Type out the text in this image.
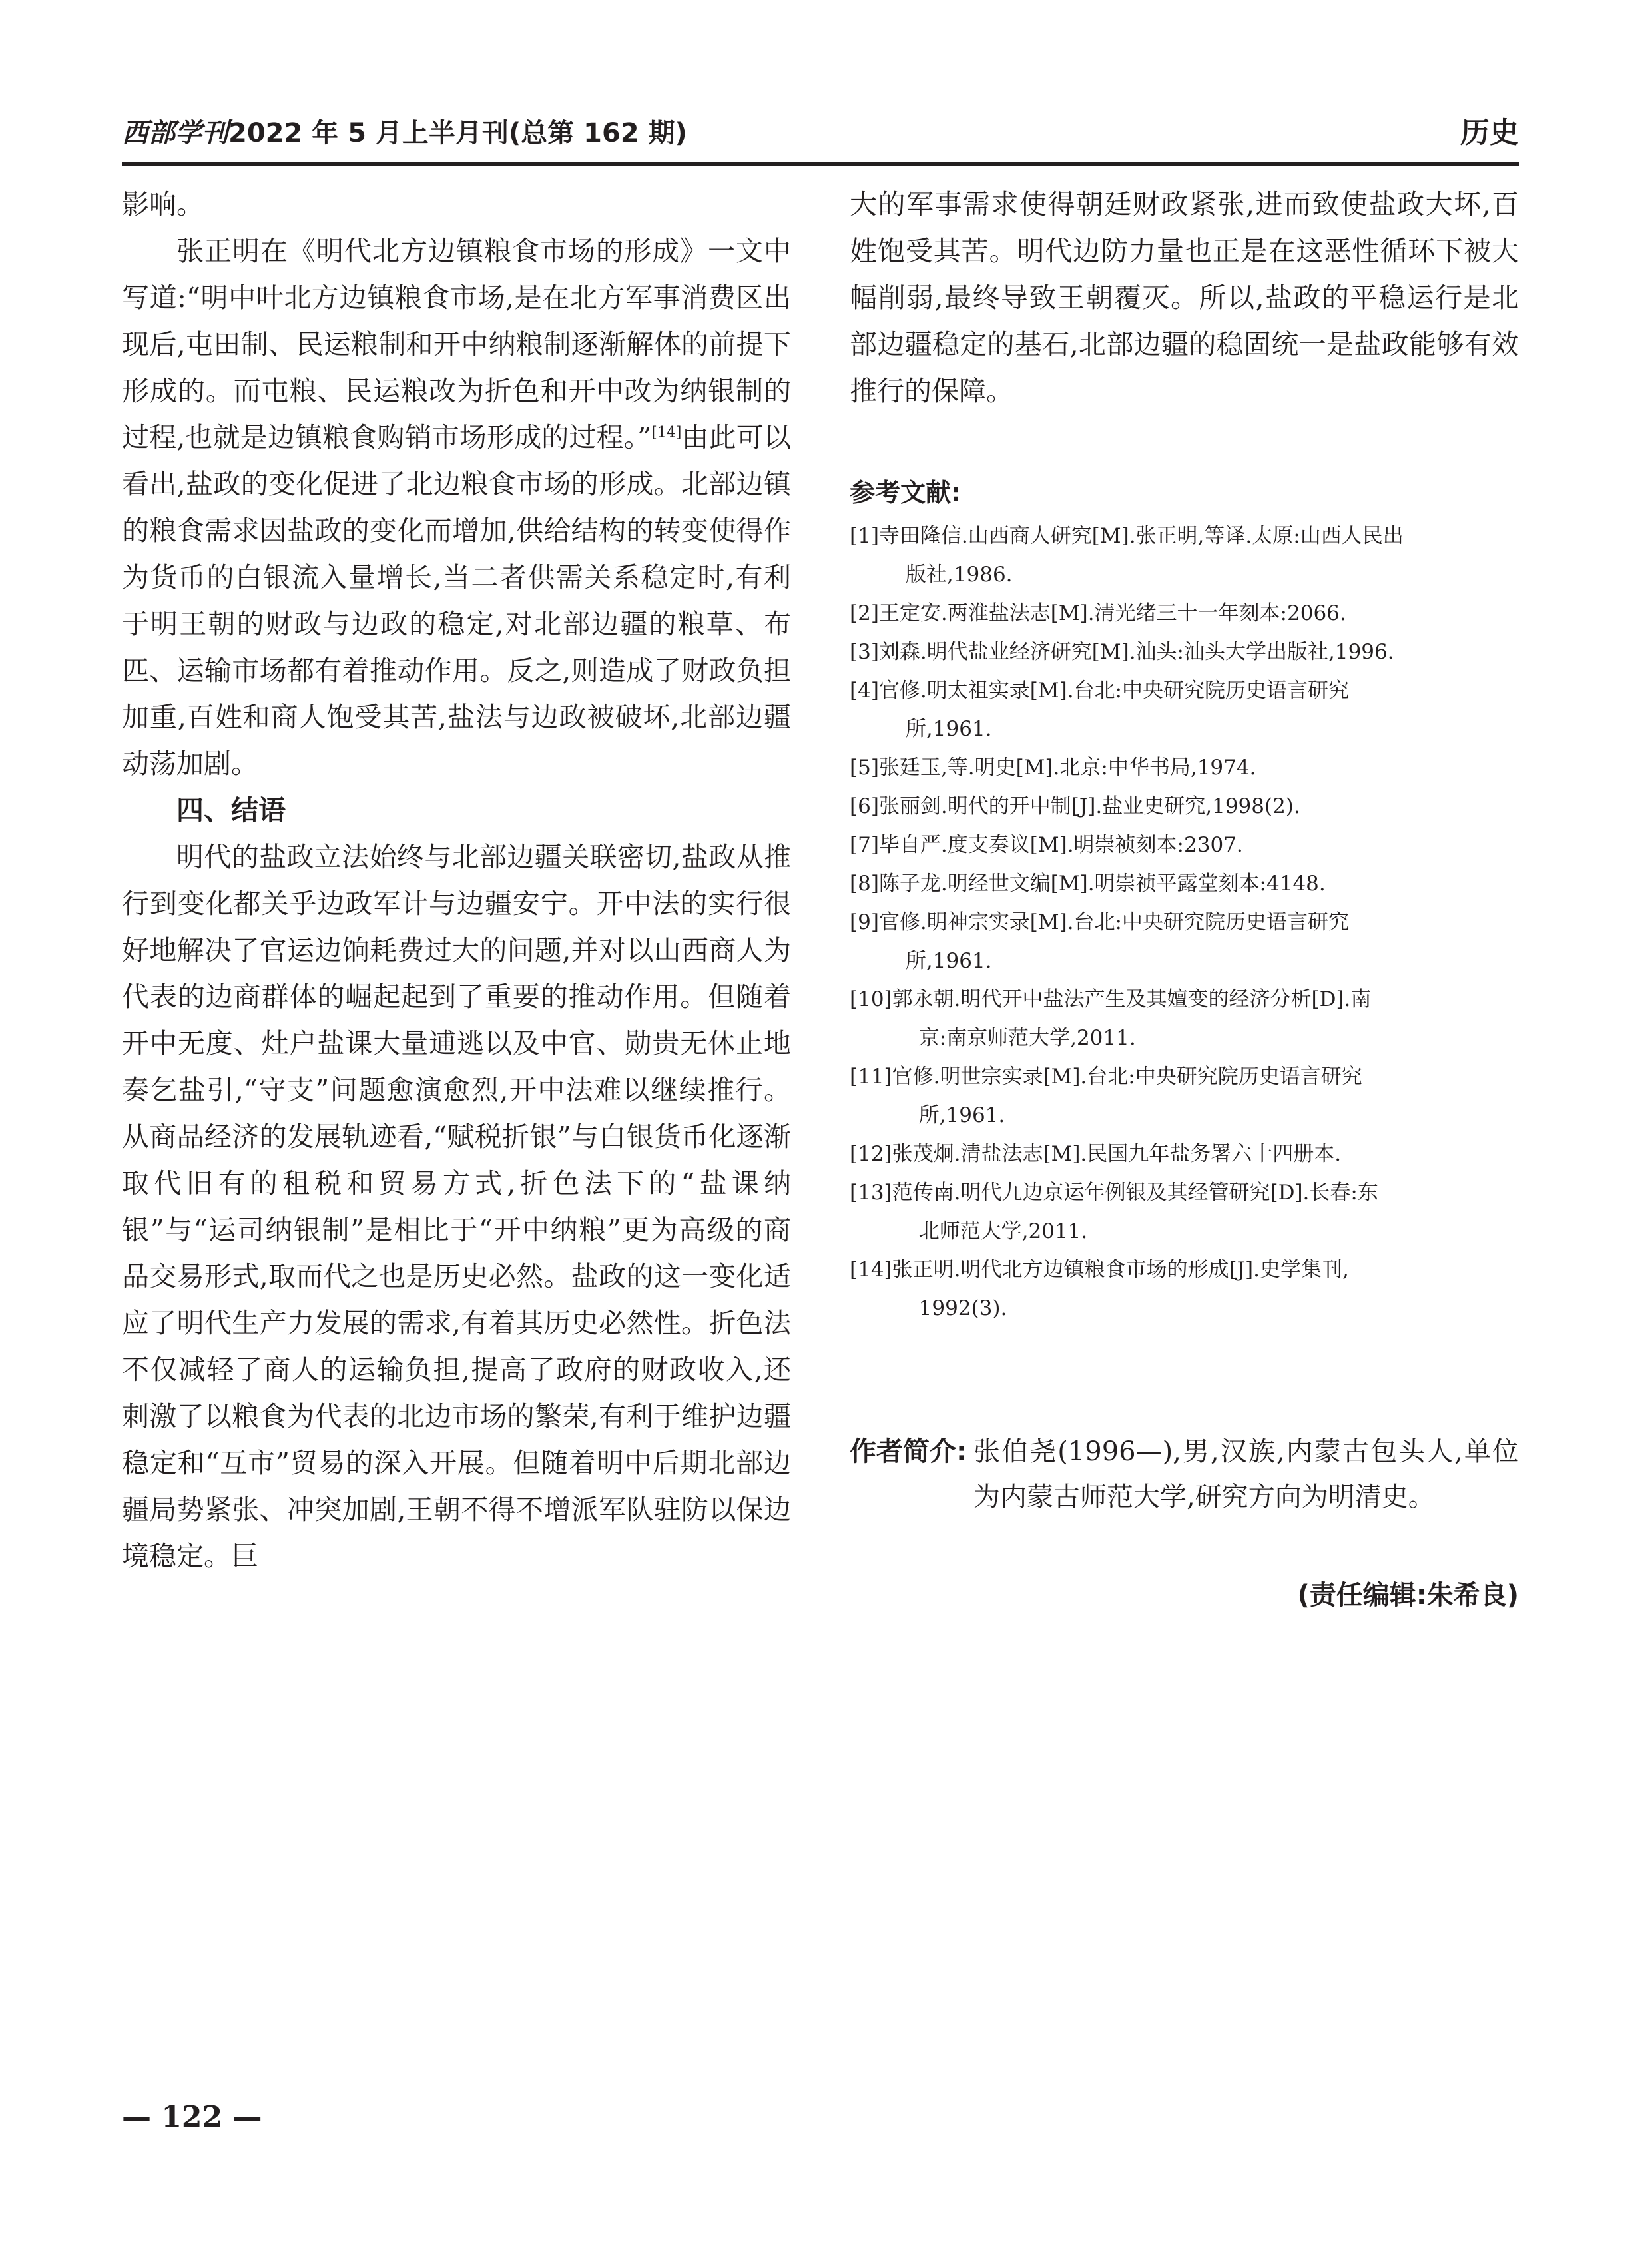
西部学刊2022 年 5 月上半月刊(总第 162 期)	历史

影响。

张正明在《明代北方边镇粮食市场的形成》一文中写道:“明中叶北方边镇粮食市场,是在北方军事消费区出现后,屯田制、民运粮制和开中纳粮制逐渐解体的前提下形成的。而屯粮、民运粮改为折色和开中改为纳银制的过程,也就是边镇粮食购销市场形成的过程。”[14]由此可以看出,盐政的变化促进了北边粮食市场的形成。北部边镇的粮食需求因盐政的变化而增加,供给结构的转变使得作为货币的白银流入量增长,当二者供需关系稳定时,有利于明王朝的财政与边政的稳定,对北部边疆的粮草、布匹、运输市场都有着推动作用。反之,则造成了财政负担加重,百姓和商人饱受其苦,盐法与边政被破坏,北部边疆动荡加剧。

四、结语

明代的盐政立法始终与北部边疆关联密切,盐政从推行到变化都关乎边政军计与边疆安宁。开中法的实行很好地解决了官运边饷耗费过大的问题,并对以山西商人为代表的边商群体的崛起起到了重要的推动作用。但随着开中无度、灶户盐课大量逋逃以及中官、勋贵无休止地奏乞盐引,“守支”问题愈演愈烈,开中法难以继续推行。从商品经济的发展轨迹看,“赋税折银”与白银货币化逐渐取代旧有的租税和贸易方式,折色法下的“盐课纳银”与“运司纳银制”是相比于“开中纳粮”更为高级的商品交易形式,取而代之也是历史必然。盐政的这一变化适应了明代生产力发展的需求,有着其历史必然性。折色法不仅减轻了商人的运输负担,提高了政府的财政收入,还刺激了以粮食为代表的北边市场的繁荣,有利于维护边疆稳定和“互市”贸易的深入开展。但随着明中后期北部边疆局势紧张、冲突加剧,王朝不得不增派军队驻防以保边境稳定。巨

大的军事需求使得朝廷财政紧张,进而致使盐政大坏,百姓饱受其苦。明代边防力量也正是在这恶性循环下被大幅削弱,最终导致王朝覆灭。所以,盐政的平稳运行是北部边疆稳定的基石,北部边疆的稳固统一是盐政能够有效推行的保障。

参考文献:

[1] 寺田隆信.山西商人研究[M].张正明,等译.太原:山西人民出
版社,1986.

[2] 王定安.两淮盐法志[M].清光绪三十一年刻本:2066.

[3] 刘森.明代盐业经济研究[M].汕头:汕头大学出版社,1996.

[4] 官修.明太祖实录[M].台北:中央研究院历史语言研究
所,1961.

[5] 张廷玉,等.明史[M].北京:中华书局,1974.

[6] 张丽剑.明代的开中制[J].盐业史研究,1998(2).

[7] 毕自严.度支奏议[M].明崇祯刻本:2307.

[8] 陈子龙.明经世文编[M].明崇祯平露堂刻本:4148.

[9] 官修.明神宗实录[M].台北:中央研究院历史语言研究
所,1961.

[10] 郭永朝.明代开中盐法产生及其嬗变的经济分析[D].南
京:南京师范大学,2011.

[11] 官修.明世宗实录[M].台北:中央研究院历史语言研究
所,1961.

[12] 张茂炯.清盐法志[M].民国九年盐务署六十四册本.

[13] 范传南.明代九边京运年例银及其经管研究[D].长春:东
北师范大学,2011.

[14] 张正明.明代北方边镇粮食市场的形成[J].史学集刊,
1992(3).

作者简介: 张伯尧(1996—),男,汉族,内蒙古包头人,单位为内蒙古师范大学,研究方向为明清史。
(责任编辑:朱希良)
— 122 —
